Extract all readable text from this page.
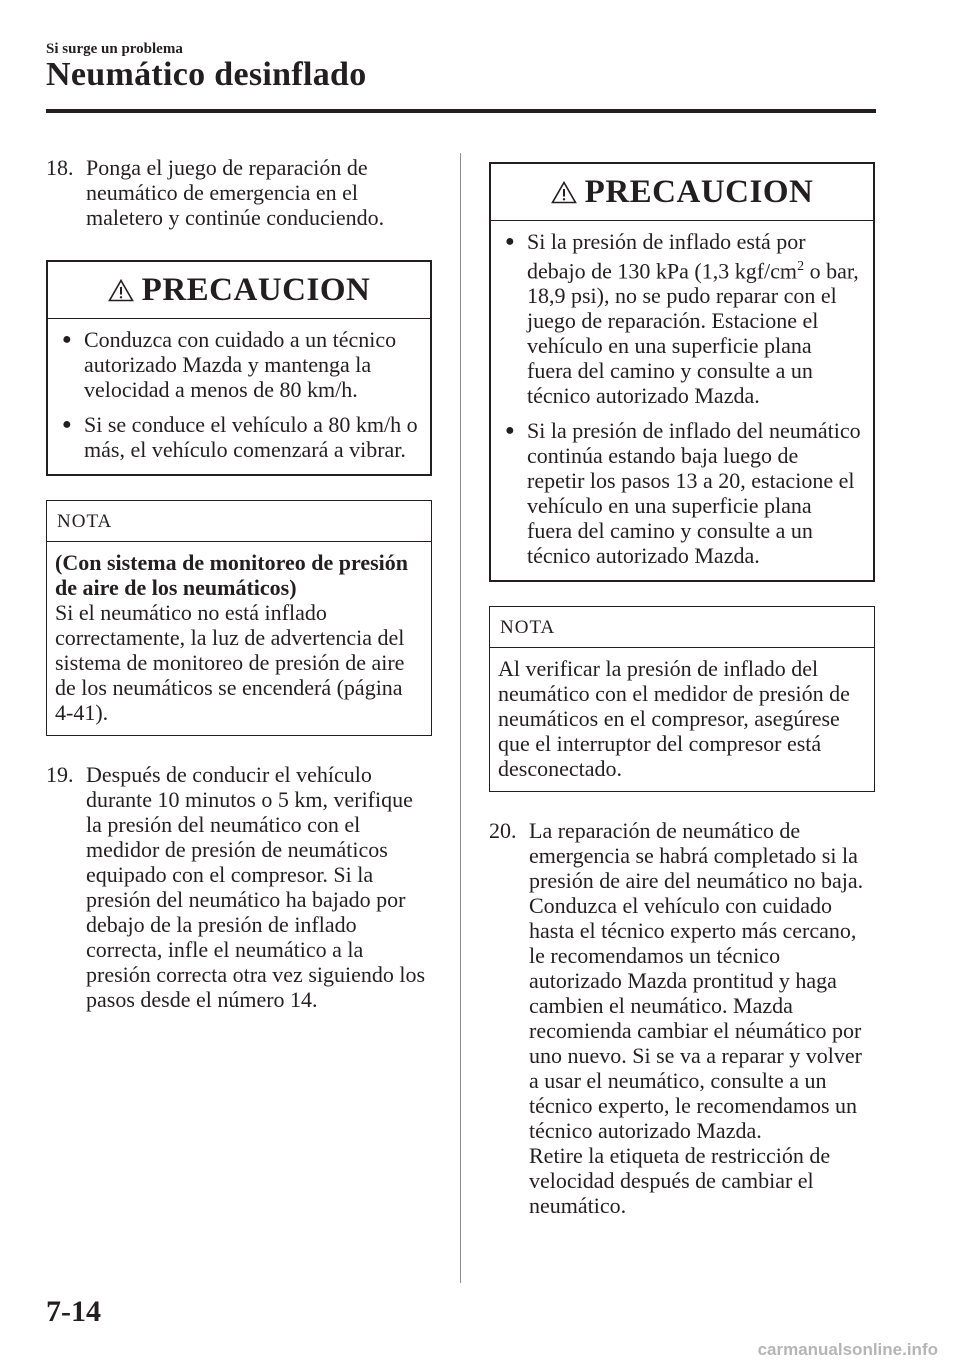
Si surge un problema
Neumático desinflado

18. Ponga el juego de reparación de neumático de emergencia en el maletero y continúe conduciendo.

PRECAUCION
● Conduzca con cuidado a un técnico autorizado Mazda y mantenga la velocidad a menos de 80 km/h.
● Si se conduce el vehículo a 80 km/h o más, el vehículo comenzará a vibrar.
NOTA
(Con sistema de monitoreo de presión de aire de los neumáticos)
Si el neumático no está inflado correctamente, la luz de advertencia del sistema de monitoreo de presión de aire de los neumáticos se encenderá (página 4-41).

19. Después de conducir el vehículo durante 10 minutos o 5 km, verifique la presión del neumático con el medidor de presión de neumáticos equipado con el compresor. Si la presión del neumático ha bajado por debajo de la presión de inflado correcta, infle el neumático a la presión correcta otra vez siguiendo los pasos desde el número 14.

PRECAUCION
● Si la presión de inflado está por debajo de 130 kPa (1,3 kgf/$cm^2$ o bar, 18,9 psi), no se pudo reparar con el juego de reparación. Estacione el vehículo en una superficie plana fuera del camino y consulte a un técnico autorizado Mazda.
● Si la presión de inflado del neumático continúa estando baja luego de repetir los pasos 13 a 20, estacione el vehículo en una superficie plana fuera del camino y consulte a un técnico autorizado Mazda.
NOTA
Al verificar la presión de inflado del neumático con el medidor de presión de neumáticos en el compresor, asegúrese que el interruptor del compresor está desconectado.

20. La reparación de neumático de emergencia se habrá completado si la presión de aire del neumático no baja. Conduzca el vehículo con cuidado hasta el técnico experto más cercano, le recomendamos un técnico autorizado Mazda prontitud y haga cambien el neumático. Mazda recomienda cambiar el néumático por uno nuevo. Si se va a reparar y volver a usar el neumático, consulte a un técnico experto, le recomendamos un técnico autorizado Mazda.
Retire la etiqueta de restricción de velocidad después de cambiar el neumático.

7-14
carmanualsonline.info
